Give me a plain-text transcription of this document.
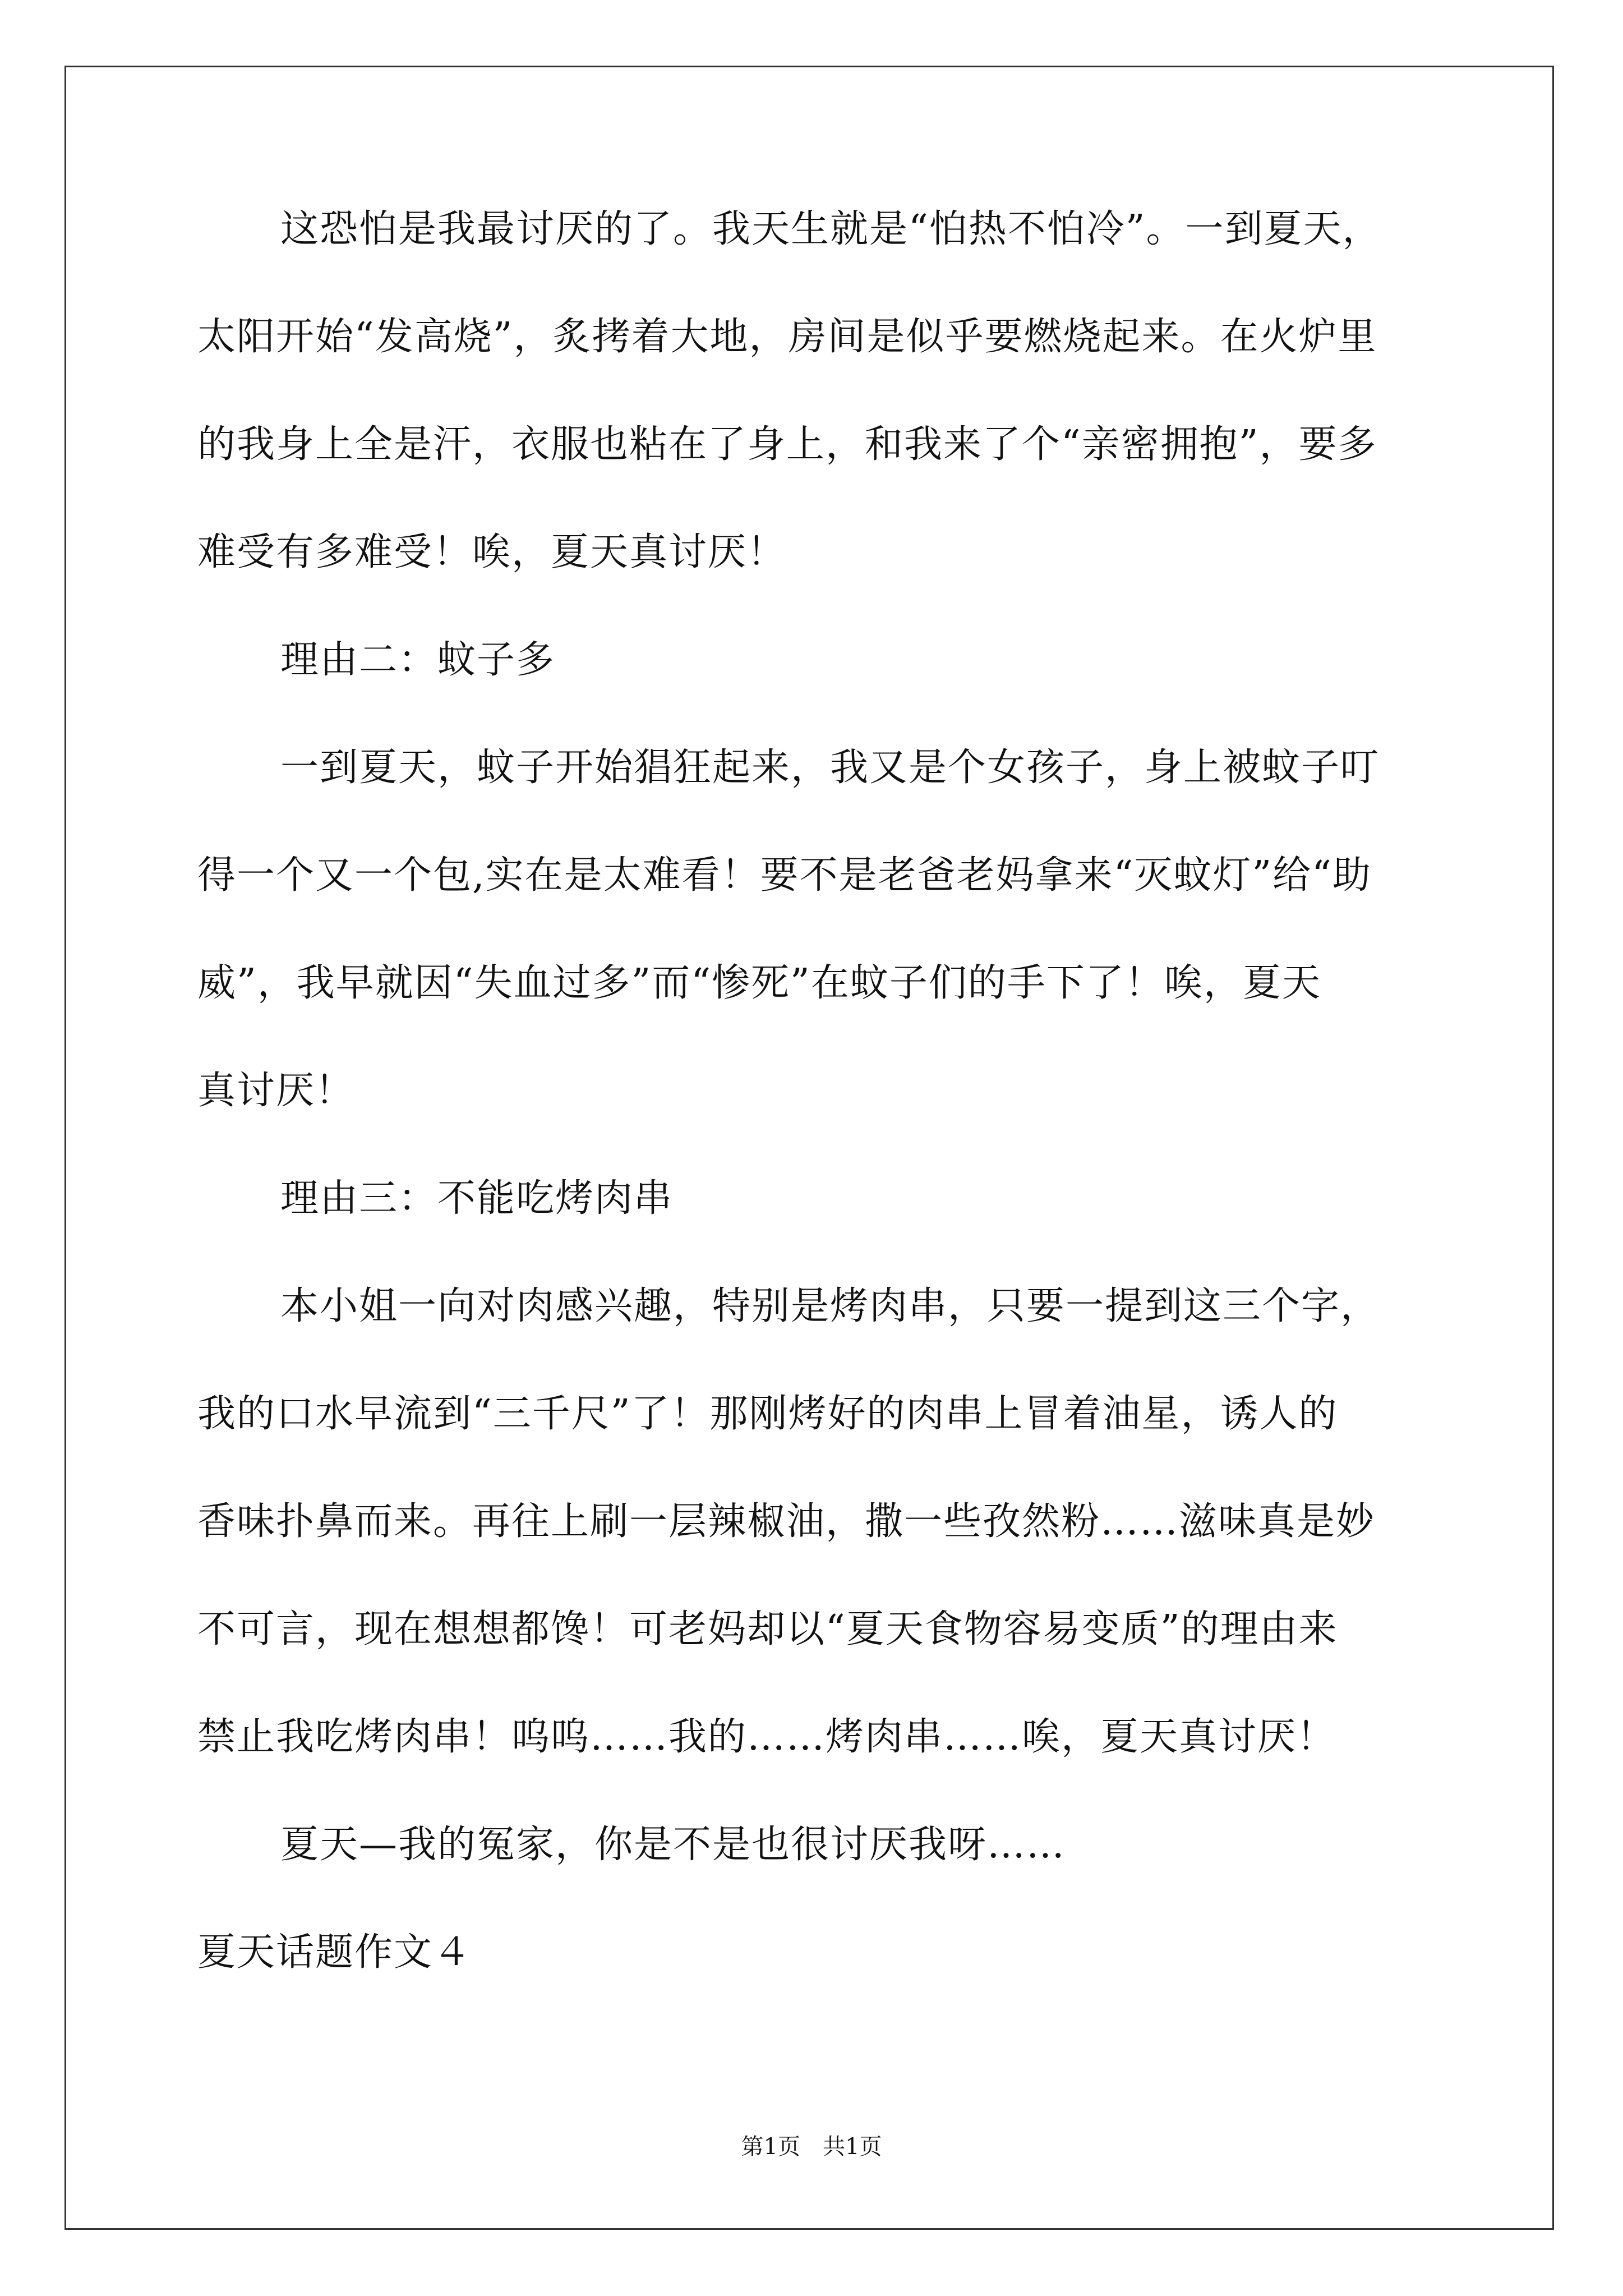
这恐怕是我最讨厌的了。我天生就是“怕热不怕冷”。一到夏天，
太阳开始“发高烧”，炙拷着大地，房间是似乎要燃烧起来。在火炉里
的我身上全是汗，衣服也粘在了身上，和我来了个“亲密拥抱”，要多
难受有多难受！唉，夏天真讨厌！
理由二：蚊子多
一到夏天，蚊子开始猖狂起来，我又是个女孩子，身上被蚊子叮
得一个又一个包,实在是太难看！要不是老爸老妈拿来“灭蚊灯”给“助
威”，我早就因“失血过多”而“惨死”在蚊子们的手下了！唉，夏天
真讨厌！
理由三：不能吃烤肉串
本小姐一向对肉感兴趣，特别是烤肉串，只要一提到这三个字，
我的口水早流到“三千尺”了！那刚烤好的肉串上冒着油星，诱人的
香味扑鼻而来。再往上刷一层辣椒油，撒一些孜然粉……滋味真是妙
不可言，现在想想都馋！可老妈却以“夏天食物容易变质”的理由来
禁止我吃烤肉串！呜呜……我的……烤肉串……唉，夏天真讨厌！
夏天—我的冤家，你是不是也很讨厌我呀……
夏天话题作文４
第1页　共1页
